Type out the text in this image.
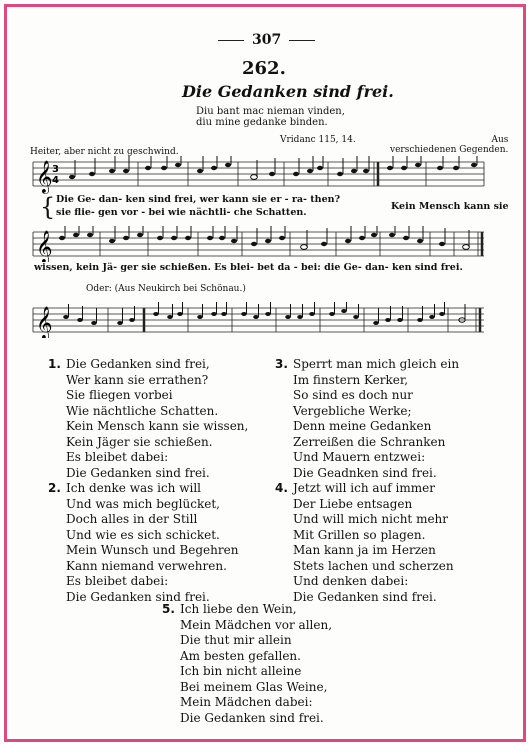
307
262.
Die Gedanken sind frei.
Diu bant mac nieman vinden,
diu mine gedanke binden.
Vridanc 115, 14.
Heiter, aber nicht zu geschwind.
Aus
verschiedenen Gegenden.
𝄞 3
4
{ Die Ge- dan- ken sind frei, wer kann sie er - ra- then?
sie flie- gen vor - bei wie nächtli- che Schatten.
Kein Mensch kann sie
𝄞
wissen, kein Jä- ger sie schießen. Es blei- bet da - bei: die Ge- dan- ken sind frei.
Oder: (Aus Neukirch bei Schönau.)
𝄞
1. Die Gedanken sind frei,
Wer kann sie errathen?
Sie fliegen vorbei
Wie nächtliche Schatten.
Kein Mensch kann sie wissen,
Kein Jäger sie schießen.
Es bleibet dabei:
Die Gedanken sind frei.
3. Sperrt man mich gleich ein
Im finstern Kerker,
So sind es doch nur
Vergebliche Werke;
Denn meine Gedanken
Zerreißen die Schranken
Und Mauern entzwei:
Die Geadnken sind frei.
2. Ich denke was ich will
Und was mich beglücket,
Doch alles in der Still
Und wie es sich schicket.
Mein Wunsch und Begehren
Kann niemand verwehren.
Es bleibet dabei:
Die Gedanken sind frei.
4. Jetzt will ich auf immer
Der Liebe entsagen
Und will mich nicht mehr
Mit Grillen so plagen.
Man kann ja im Herzen
Stets lachen und scherzen
Und denken dabei:
Die Gedanken sind frei.
5. Ich liebe den Wein,
Mein Mädchen vor allen,
Die thut mir allein
Am besten gefallen.
Ich bin nicht alleine
Bei meinem Glas Weine,
Mein Mädchen dabei:
Die Gedanken sind frei.
